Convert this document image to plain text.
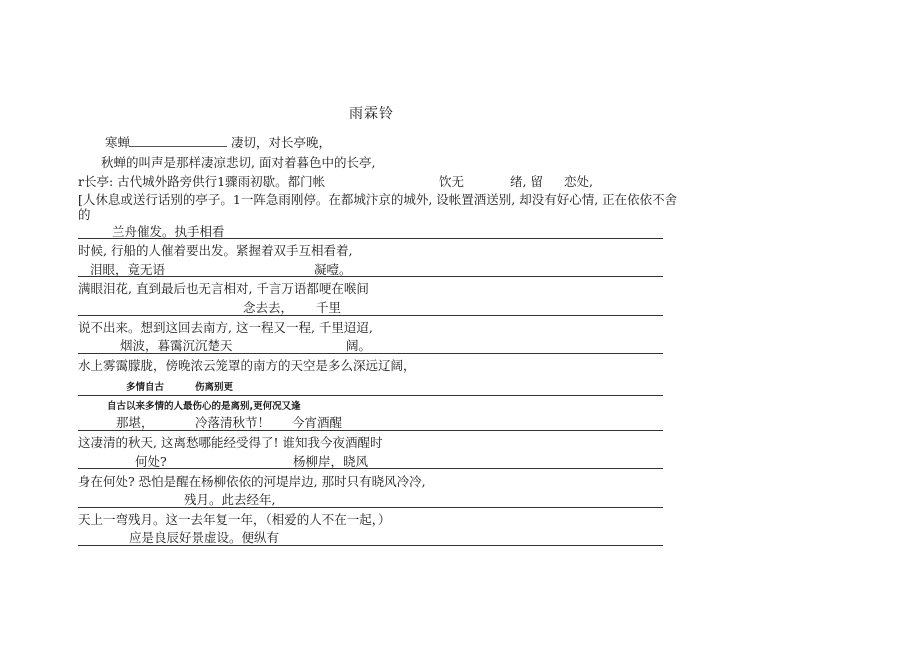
雨霖铃
寒蝉	凄切，对长亭晚，
秋蝉的叫声是那样凄凉悲切, 面对着暮色中的长亭,
r长亭: 古代城外路旁供行1骤雨初歇。都门帐	饮无	绪, 留 恋处,
[人休息或送行话别的亭子。1一阵急雨刚停。在都城汴京的城外, 设帐置酒送别, 却没有好心情, 正在依依不舍
的
兰舟催发。执手相看
时候, 行船的人催着要出发。紧握着双手互相看着,
泪眼，竟无语	凝噎。
满眼泪花, 直到最后也无言相对, 千言万语都哽在喉间
念去去， 千里
说不出来。想到这回去南方, 这一程又一程, 千里迢迢,
烟波，暮霭沉沉楚天	阔。
水上雾霭朦胧，傍晚浓云笼罩的南方的天空是多么深远辽阔，
多情自古	伤离别更
自古以来多情的人最伤心的是离别,更何况又逢
那堪，	冷落清秋节！ 今宵酒醒
这凄清的秋天, 这离愁哪能经受得了! 谁知我今夜酒醒时
何处?	杨柳岸，晓风
身在何处? 恐怕是醒在杨柳依依的河堤岸边, 那时只有晓风冷冷,
残月。此去经年,
天上一弯残月。这一去年复一年，（相爱的人不在一起，）
应是良辰好景虚设。便纵有
